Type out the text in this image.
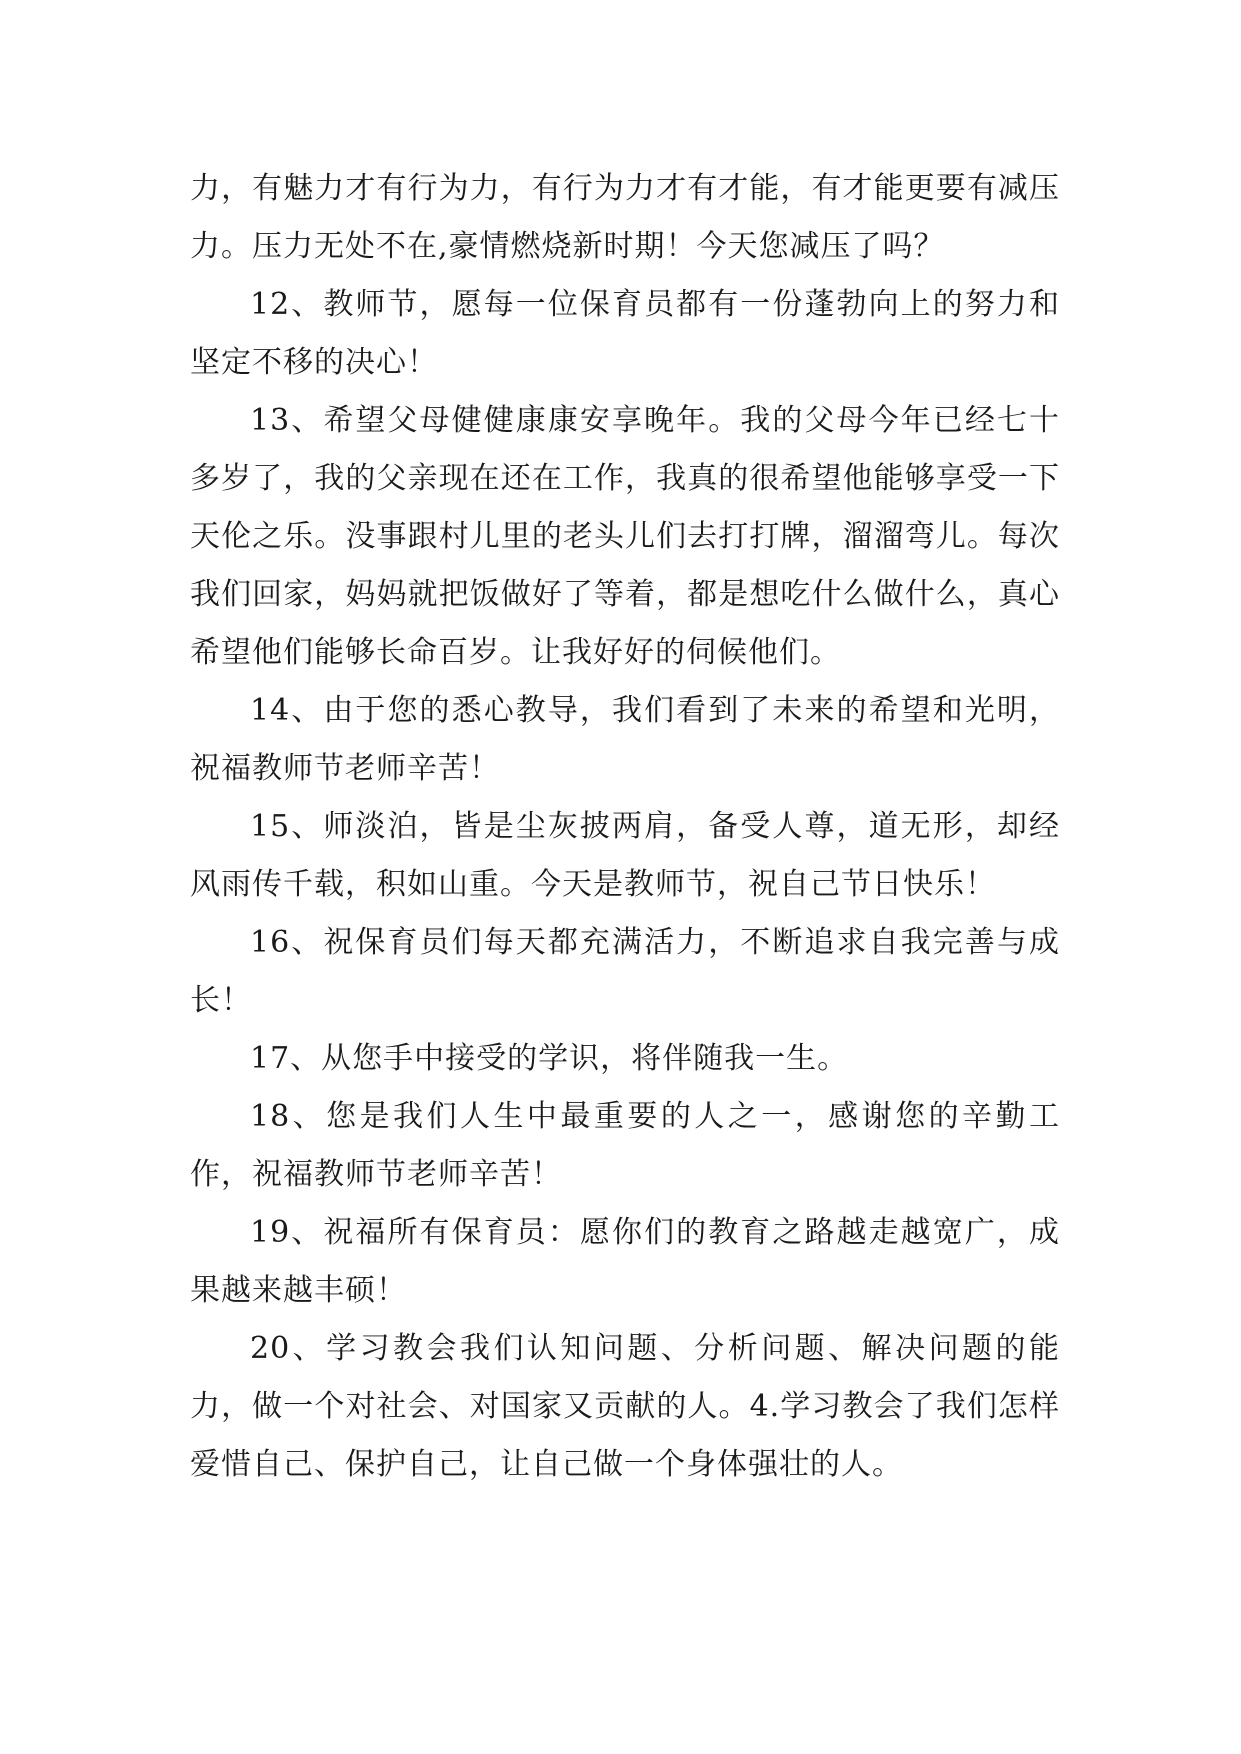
力，有魅力才有行为力，有行为力才有才能，有才能更要有减压力。压力无处不在,豪情燃烧新时期！今天您减压了吗？

12、教师节，愿每一位保育员都有一份蓬勃向上的努力和坚定不移的决心！

13、希望父母健健康康安享晚年。我的父母今年已经七十多岁了，我的父亲现在还在工作，我真的很希望他能够享受一下天伦之乐。没事跟村儿里的老头儿们去打打牌，溜溜弯儿。每次我们回家，妈妈就把饭做好了等着，都是想吃什么做什么，真心希望他们能够长命百岁。让我好好的伺候他们。

14、由于您的悉心教导，我们看到了未来的希望和光明，祝福教师节老师辛苦！

15、师淡泊，皆是尘灰披两肩，备受人尊，道无形，却经风雨传千载，积如山重。今天是教师节，祝自己节日快乐！

16、祝保育员们每天都充满活力，不断追求自我完善与成长！

17、从您手中接受的学识，将伴随我一生。

18、您是我们人生中最重要的人之一，感谢您的辛勤工作，祝福教师节老师辛苦！

19、祝福所有保育员：愿你们的教育之路越走越宽广，成果越来越丰硕！

20、学习教会我们认知问题、分析问题、解决问题的能力，做一个对社会、对国家又贡献的人。4.学习教会了我们怎样爱惜自己、保护自己，让自己做一个身体强壮的人。
